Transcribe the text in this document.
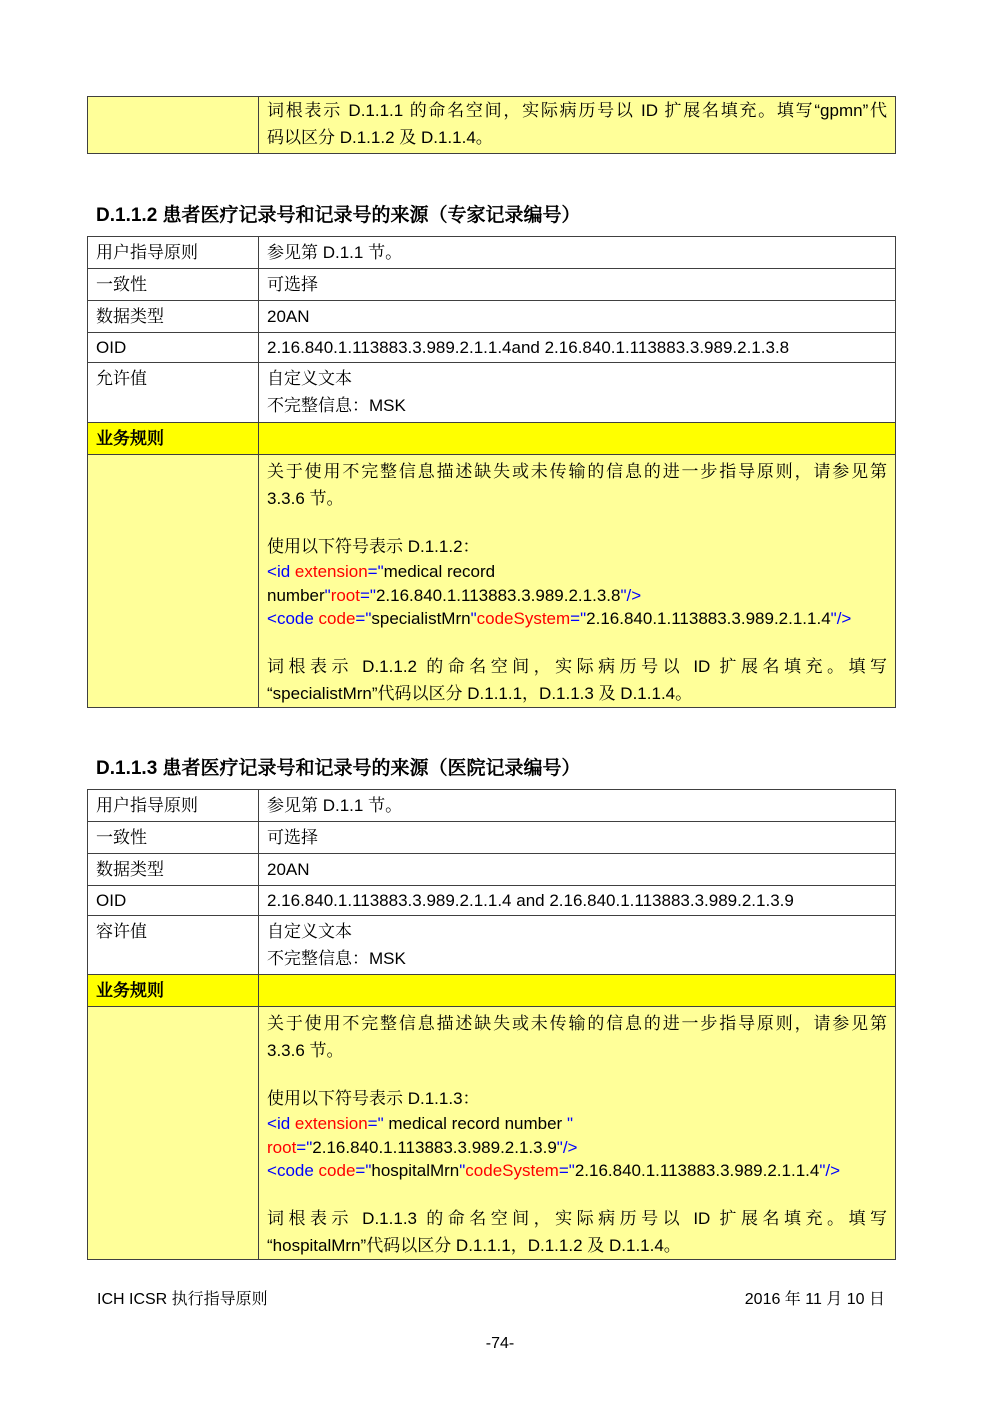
词根表示 D.1.1.1 的命名空间，实际病历号以 ID 扩展名填充。填写“gpmn”代
码以区分 D.1.1.2 及 D.1.1.4。
D.1.1.2 患者医疗记录号和记录号的来源（专家记录编号）
用户指导原则	参见第 D.1.1 节。
一致性	可选择
数据类型	20AN
OID	2.16.840.1.113883.3.989.2.1.1.4and 2.16.840.1.113883.3.989.2.1.3.8
允许值	自定义文本
不完整信息：MSK
业务规则
关于使用不完整信息描述缺失或未传输的信息的进一步指导原则，请参见第
3.3.6 节。
使用以下符号表示 D.1.1.2：
<id extension="medical record
number"root="2.16.840.1.113883.3.989.2.1.3.8"/>
<code code="specialistMrn"codeSystem="2.16.840.1.113883.3.989.2.1.1.4"/>
词根表示 D.1.1.2 的命名空间，实际病历号以 ID 扩展名填充。填写
“specialistMrn”代码以区分 D.1.1.1，D.1.1.3 及 D.1.1.4。
D.1.1.3 患者医疗记录号和记录号的来源（医院记录编号）
用户指导原则	参见第 D.1.1 节。
一致性	可选择
数据类型	20AN
OID	2.16.840.1.113883.3.989.2.1.1.4 and 2.16.840.1.113883.3.989.2.1.3.9
容许值	自定义文本
不完整信息：MSK
业务规则
关于使用不完整信息描述缺失或未传输的信息的进一步指导原则，请参见第
3.3.6 节。
使用以下符号表示 D.1.1.3：
<id extension=" medical record number "
root="2.16.840.1.113883.3.989.2.1.3.9"/>
<code code="hospitalMrn"codeSystem="2.16.840.1.113883.3.989.2.1.1.4"/>
词根表示 D.1.1.3 的命名空间，实际病历号以 ID 扩展名填充。填写
“hospitalMrn”代码以区分 D.1.1.1，D.1.1.2 及 D.1.1.4。
ICH ICSR 执行指导原则	2016 年 11 月 10 日
-74-
